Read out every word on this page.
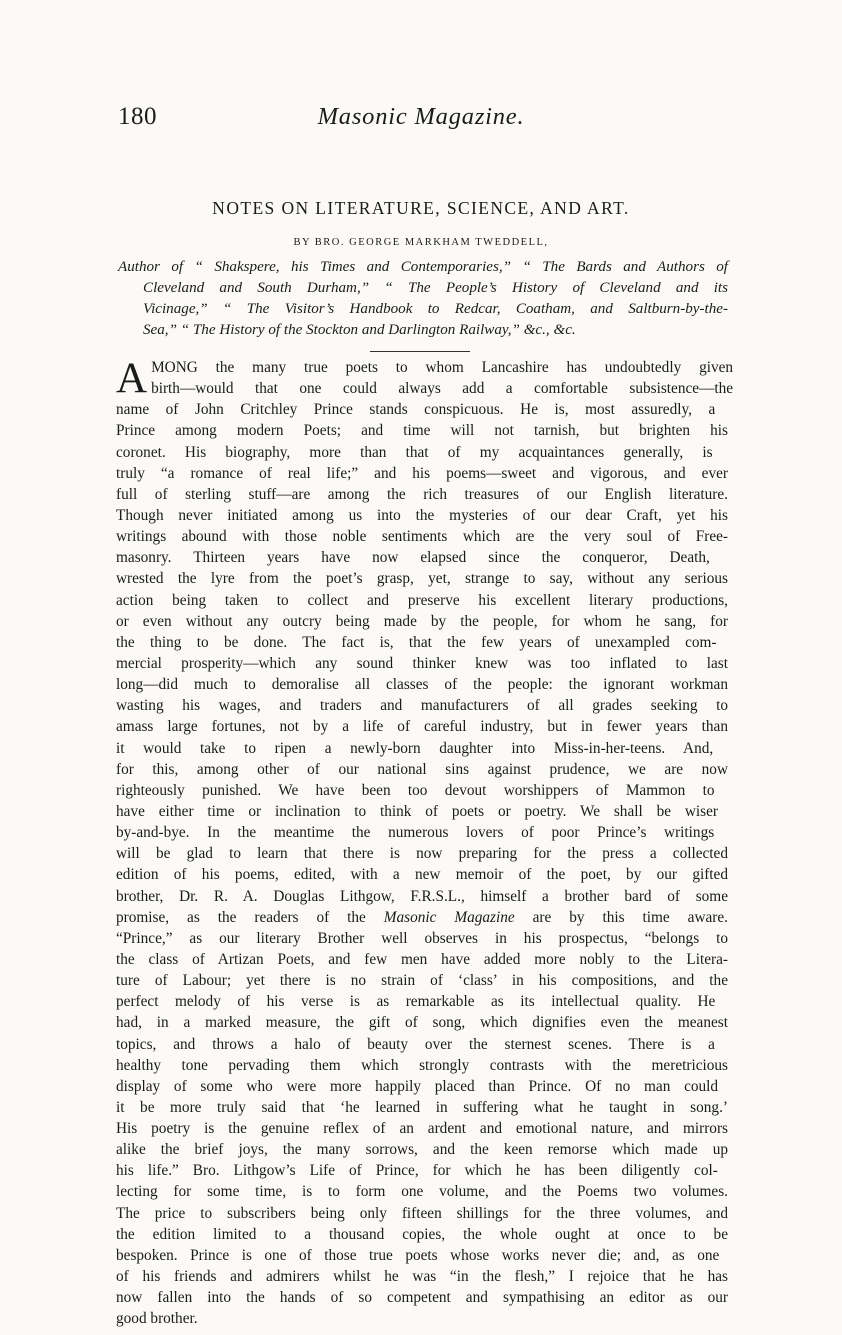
180	Masonic Magazine.
NOTES ON LITERATURE, SCIENCE, AND ART.
BY BRO. GEORGE MARKHAM TWEDDELL,
Author of “ Shakspere, his Times and Contemporaries,” “ The Bards and Authors of
Cleveland and South Durham,” “ The People’s History of Cleveland and its
Vicinage,” “ The Visitor’s Handbook to Redcar, Coatham, and Saltburn-by-the-
Sea,” “ The History of the Stockton and Darlington Railway,” &c., &c.
A MONG the many true poets to whom Lancashire has undoubtedly given
birth—would that one could always add a comfortable subsistence—the
name of John Critchley Prince stands conspicuous. He is, most assuredly, a
Prince among modern Poets; and time will not tarnish, but brighten his
coronet. His biography, more than that of my acquaintances generally, is
truly “a romance of real life;” and his poems—sweet and vigorous, and ever
full of sterling stuff—are among the rich treasures of our English literature.
Though never initiated among us into the mysteries of our dear Craft, yet his
writings abound with those noble sentiments which are the very soul of Free-
masonry. Thirteen years have now elapsed since the conqueror, Death,
wrested the lyre from the poet’s grasp, yet, strange to say, without any serious
action being taken to collect and preserve his excellent literary productions,
or even without any outcry being made by the people, for whom he sang, for
the thing to be done. The fact is, that the few years of unexampled com-
mercial prosperity—which any sound thinker knew was too inflated to last
long—did much to demoralise all classes of the people: the ignorant workman
wasting his wages, and traders and manufacturers of all grades seeking to
amass large fortunes, not by a life of careful industry, but in fewer years than
it would take to ripen a newly-born daughter into Miss-in-her-teens. And,
for this, among other of our national sins against prudence, we are now
righteously punished. We have been too devout worshippers of Mammon to
have either time or inclination to think of poets or poetry. We shall be wiser
by-and-bye. In the meantime the numerous lovers of poor Prince’s writings
will be glad to learn that there is now preparing for the press a collected
edition of his poems, edited, with a new memoir of the poet, by our gifted
brother, Dr. R. A. Douglas Lithgow, F.R.S.L., himself a brother bard of some
promise, as the readers of the Masonic Magazine are by this time aware.
“Prince,” as our literary Brother well observes in his prospectus, “belongs to
the class of Artizan Poets, and few men have added more nobly to the Litera-
ture of Labour; yet there is no strain of ‘class’ in his compositions, and the
perfect melody of his verse is as remarkable as its intellectual quality. He
had, in a marked measure, the gift of song, which dignifies even the meanest
topics, and throws a halo of beauty over the sternest scenes. There is a
healthy tone pervading them which strongly contrasts with the meretricious
display of some who were more happily placed than Prince. Of no man could
it be more truly said that ‘he learned in suffering what he taught in song.’
His poetry is the genuine reflex of an ardent and emotional nature, and mirrors
alike the brief joys, the many sorrows, and the keen remorse which made up
his life.” Bro. Lithgow’s Life of Prince, for which he has been diligently col-
lecting for some time, is to form one volume, and the Poems two volumes.
The price to subscribers being only fifteen shillings for the three volumes, and
the edition limited to a thousand copies, the whole ought at once to be
bespoken. Prince is one of those true poets whose works never die; and, as one
of his friends and admirers whilst he was “in the flesh,” I rejoice that he has
now fallen into the hands of so competent and sympathising an editor as our
good brother.
